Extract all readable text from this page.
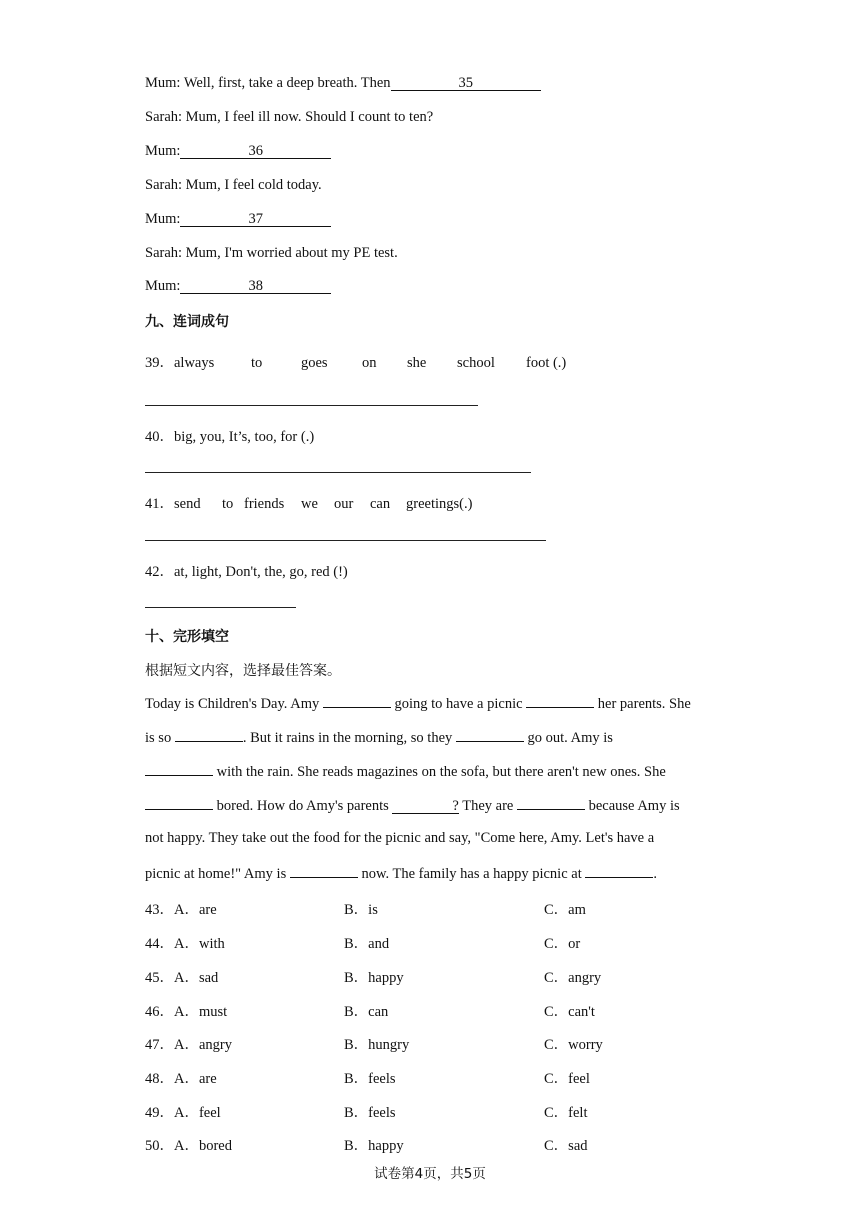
Mum: Well, first, take a deep breath. Then	35
Sarah: Mum, I feel ill now. Should I count to ten?
Mum:	36
Sarah: Mum, I feel cold today.
Mum:	37
Sarah: Mum, I'm worried about my PE test.
Mum:	38
九、连词成句
39．always	to	goes on she school foot (.)
40．big, you, It’s, too, for (.)
41．send to friends we our can greetings(.)
42．at, light, Don't, the, go, red (!)
十、完形填空
根据短文内容，选择最佳答案。
Today is Children's Day. Amy	going to have a picnic	her parents. She
is so	. But it rains in the morning, so they	go out. Amy is
with the rain. She reads magazines on the sofa, but there aren't new ones. She
bored. How do Amy's parents	? They are	because Amy is
not happy. They take out the food for the picnic and say, "Come here, Amy. Let's have a
picnic at home!" Amy is	now. The family has a happy picnic at	.
43．A．are	B．is	C．am
44．A．with	B．and	C．or
45．A．sad	B．happy	C．angry
46．A．must	B．can	C．can't
47．A．angry	B．hungry	C．worry
48．A．are	B．feels	C．feel
49．A．feel	B．feels	C．felt
50．A．bored	B．happy	C．sad
试卷第4页，共5页
